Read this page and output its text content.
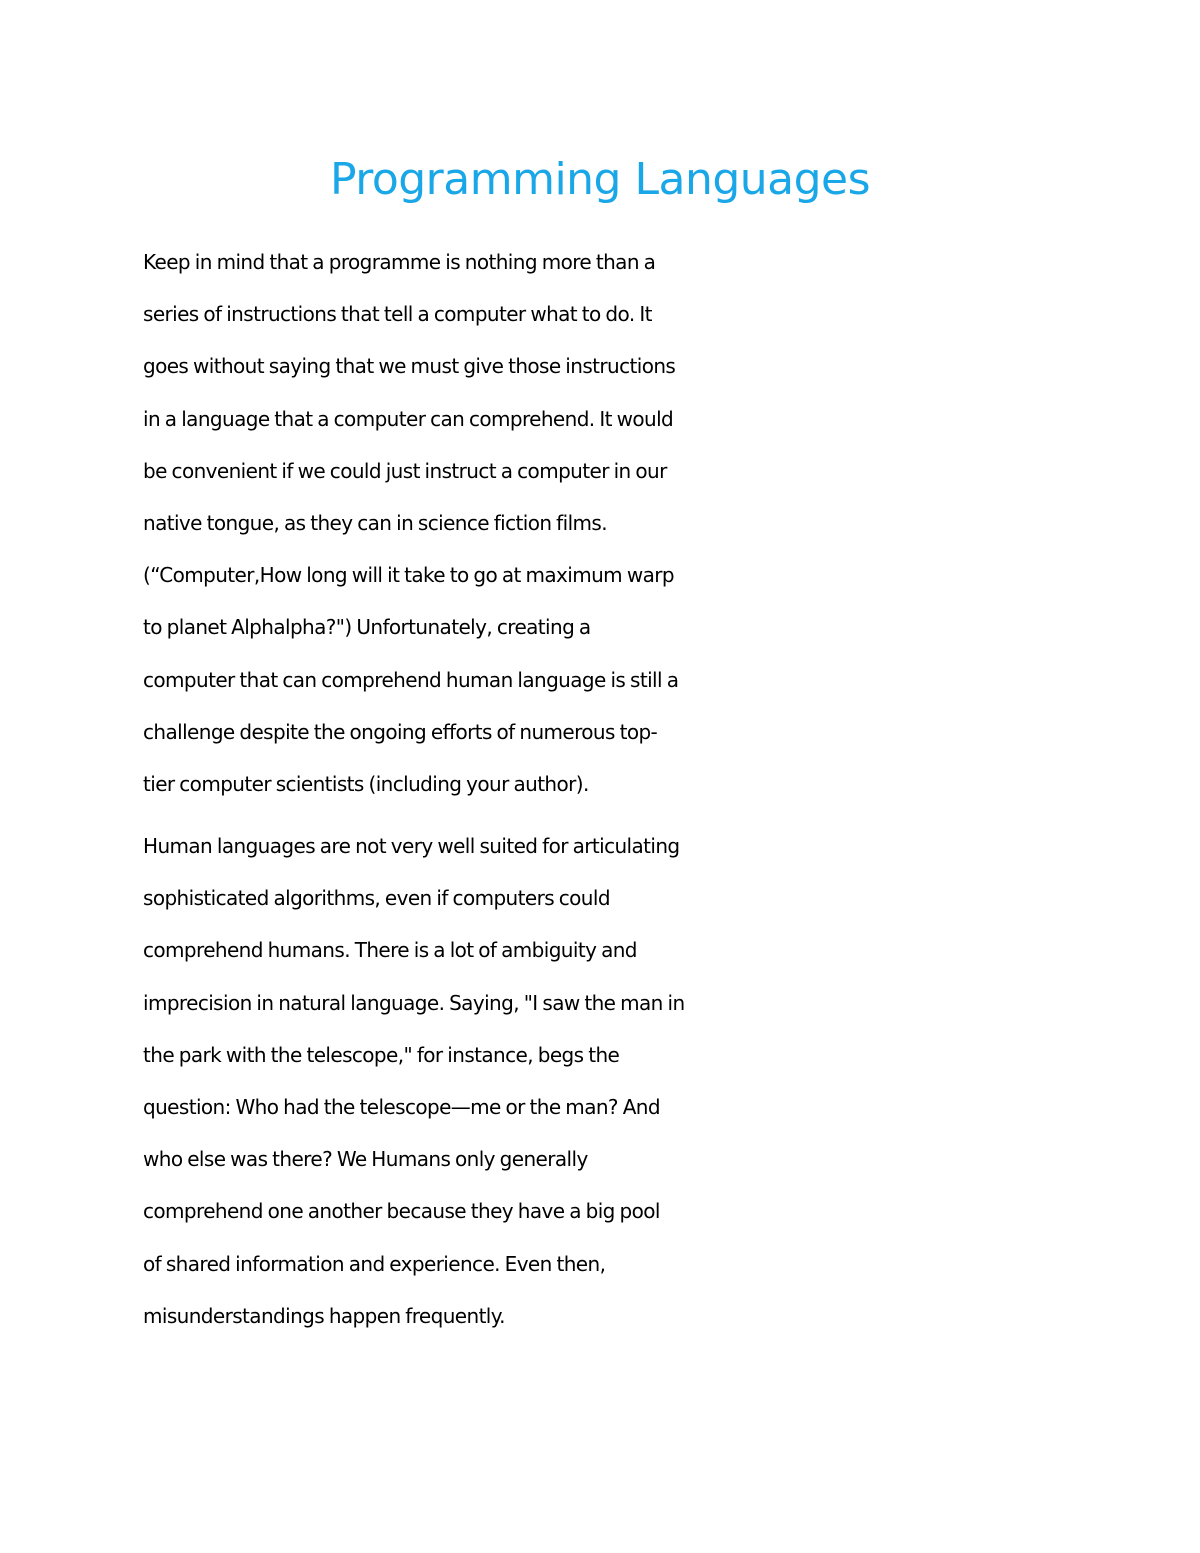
Programming Languages

Keep in mind that a programme is nothing more than a
series of instructions that tell a computer what to do. It
goes without saying that we must give those instructions
in a language that a computer can comprehend. It would
be convenient if we could just instruct a computer in our
native tongue, as they can in science fiction films.
(“Computer,How long will it take to go at maximum warp
to planet Alphalpha?") Unfortunately, creating a
computer that can comprehend human language is still a
challenge despite the ongoing efforts of numerous top-
tier computer scientists (including your author).

Human languages are not very well suited for articulating
sophisticated algorithms, even if computers could
comprehend humans. There is a lot of ambiguity and
imprecision in natural language. Saying, "I saw the man in
the park with the telescope," for instance, begs the
question: Who had the telescope—me or the man? And
who else was there? We Humans only generally
comprehend one another because they have a big pool
of shared information and experience. Even then,
misunderstandings happen frequently.
